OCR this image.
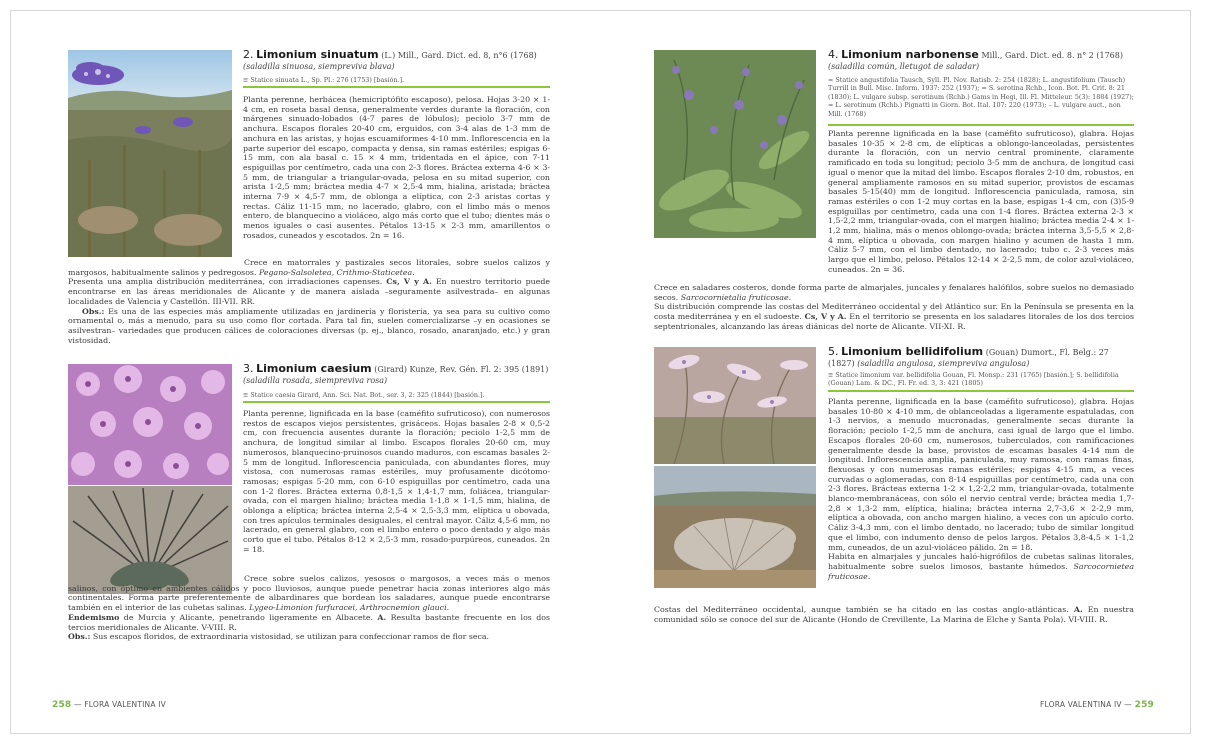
2. Limonium sinuatum (L.) Mill., Gard. Dict. ed. 8, n°6 (1768) (saladilla sinuosa, siempreviva blava)
≡ Statice sinuata L., Sp. Pl.: 276 (1753) [basión.].

Planta perenne, herbácea (hemicriptófito escaposo), pelosa. Hojas 3-20 × 1-4 cm, en roseta basal densa, generalmente verdes durante la floración, con márgenes sinuado-lobados (4-7 pares de lóbulos); peciolo 3-7 mm de anchura. Escapos florales 20-40 cm, erguidos, con 3-4 alas de 1-3 mm de anchura en las aristas, y hojas escuamiformes 4-10 mm. Inflorescencia en la parte superior del escapo, compacta y densa, sin ramas estériles; espigas 6-15 mm, con ala basal c. 15 × 4 mm, tridentada en el ápice, con 7-11 espiguillas por centímetro, cada una con 2-3 flores. Bráctea externa 4-6 × 3-5 mm, de triangular a triangular-ovada, pelosa en su mitad superior, con arista 1-2,5 mm; bráctea media 4-7 × 2,5-4 mm, hialina, aristada; bráctea interna 7-9 × 4,5-7 mm, de oblonga a elíptica, con 2-3 aristas cortas y rectas. Cáliz 11-15 mm, no lacerado, glabro, con el limbo más o menos entero, de blanquecino a violáceo, algo más corto que el tubo; dientes más o menos iguales o casi ausentes. Pétalos 13-15 × 2-3 mm, amarillentos o rosados, cuneados y escotados. 2n = 16.

Crece en matorrales y pastizales secos litorales, sobre suelos calizos y margosos, habitualmente salinos y pedregosos. Pegano-Salsoletea, Crithmo-Staticetea.

Presenta una amplia distribución mediterránea, con irradiaciones capenses. Cs, V y A. En nuestro territorio puede encontrarse en las áreas meridionales de Alicante y de manera aislada –seguramente asilvestrada– en algunas localidades de Valencia y Castellón. III-VII. RR.

Obs.: Es una de las especies más ampliamente utilizadas en jardinería y floristería, ya sea para su cultivo como ornamental o, más a menudo, para su uso como flor cortada. Para tal fin, suelen comercializarse –y en ocasiones se asilvestran– variedades que producen cálices de coloraciones diversas (p. ej., blanco, rosado, anaranjado, etc.) y gran vistosidad.

3. Limonium caesium (Girard) Kunze, Rev. Gén. Fl. 2: 395 (1891) (saladilla rosada, siempreviva rosa)
≡ Statice caesia Girard, Ann. Sci. Nat. Bot., ser. 3, 2: 325 (1844) [basión.].

Planta perenne, lignificada en la base (caméfito sufruticoso), con numerosos restos de escapos viejos persistentes, grisáceos. Hojas basales 2-8 × 0,5-2 cm, con frecuencia ausentes durante la floración; peciolo 1-2,5 mm de anchura, de longitud similar al limbo. Escapos florales 20-60 cm, muy numerosos, blanquecino-pruinosos cuando maduros, con escamas basales 2-5 mm de longitud. Inflorescencia paniculada, con abundantes flores, muy vistosa, con numerosas ramas estériles, muy profusamente dicótomo-ramosas; espigas 5-20 mm, con 6-10 espiguillas por centímetro, cada una con 1-2 flores. Bráctea externa 0,8-1,5 × 1,4-1,7 mm, foliácea, triangular-ovada, con el margen hialino; bráctea media 1-1,8 × 1-1,5 mm, hialina, de oblonga a elíptica; bráctea interna 2,5-4 × 2,5-3,3 mm, elíptica u obovada, con tres apículos terminales desiguales, el central mayor. Cáliz 4,5-6 mm, no lacerado, en general glabro, con el limbo entero o poco dentado y algo más corto que el tubo. Pétalos 8-12 × 2,5-3 mm, rosado-purpúreos, cuneados. 2n = 18.

Crece sobre suelos calizos, yesosos o margosos, a veces más o menos salinos, con óptimo en ambientes cálidos y poco lluviosos, aunque puede penetrar hacia zonas interiores algo más continentales. Forma parte preferentemente de albardinares que bordean los saladares, aunque puede encontrarse también en el interior de las cubetas salinas. Lygeo-Limonion furfuracei, Arthrocnemion glauci.

Endemismo de Murcia y Alicante, penetrando ligeramente en Albacete. A. Resulta bastante frecuente en los dos tercios meridionales de Alicante. V-VIII. R.

Obs.: Sus escapos floridos, de extraordinaria vistosidad, se utilizan para confeccionar ramos de flor seca.

258 — FLORA VALENTINA IV
4. Limonium narbonense Mill., Gard. Dict. ed. 8. n° 2 (1768) (saladilla común, lletugot de saladar)
= Statice angustifolia Tausch, Syll. Pl. Nov. Ratisb. 2: 254 (1828); L. angustifolium (Tausch) Turrill in Bull. Misc. Inform. 1937: 252 (1937); = S. serotina Rchb., Icon. Bot. Pl. Crit. 8: 21 (1830); L. vulgare subsp. serotinum (Rchb.) Gams in Hegi, Ill. Fl. Mitteleur. 5(3): 1884 (1927); = L. serotinum (Rchb.) Pignatti in Giorn. Bot. Ital. 107: 220 (1973); – L. vulgare auct., non Mill. (1768)

Planta perenne lignificada en la base (caméfito sufruticoso), glabra. Hojas basales 10-35 × 2-8 cm, de elípticas a oblongo-lanceoladas, persistentes durante la floración, con un nervio central prominente, claramente ramificado en toda su longitud; peciolo 3-5 mm de anchura, de longitud casi igual o menor que la mitad del limbo. Escapos florales 2-10 dm, robustos, en general ampliamente ramosos en su mitad superior, provistos de escamas basales 5-15(40) mm de longitud. Inflorescencia paniculada, ramosa, sin ramas estériles o con 1-2 muy cortas en la base, espigas 1-4 cm, con (3)5-9 espiguillas por centímetro, cada una con 1-4 flores. Bráctea externa 2-3 × 1,5-2,2 mm, triangular-ovada, con el margen hialino; bráctea media 2-4 × 1-1,2 mm, hialina, más o menos oblongo-ovada; bráctea interna 3,5-5,5 × 2,8-4 mm, elíptica u obovada, con margen hialino y acumen de hasta 1 mm. Cáliz 5-7 mm, con el limbo dentado, no lacerado; tubo c. 2-3 veces más largo que el limbo, peloso. Pétalos 12-14 × 2-2,5 mm, de color azul-violáceo, cuneados. 2n = 36.

Crece en saladares costeros, donde forma parte de almarjales, juncales y fenalares halófilos, sobre suelos no demasiado secos. Sarcocornietalia fruticosae.

Su distribución comprende las costas del Mediterráneo occidental y del Atlántico sur. En la Península se presenta en la costa mediterránea y en el sudoeste. Cs, V y A. En el territorio se presenta en los saladares litorales de los dos tercios septentrionales, alcanzando las áreas diánicas del norte de Alicante. VII-XI. R.

5. Limonium bellidifolium (Gouan) Dumort., Fl. Belg.: 27 (1827) (saladilla angulosa, siempreviva angulosa)
≡ Statice limonium var. bellidifolia Gouan, Fl. Monsp.: 231 (1765) [basión.]; S. bellidifolia (Gouan) Lam. & DC., Fl. Fr. ed. 3, 3: 421 (1805)

Planta perenne, lignificada en la base (caméfito sufruticoso), glabra. Hojas basales 10-80 × 4-10 mm, de oblanceoladas a ligeramente espatuladas, con 1-3 nervios, a menudo mucronadas, generalmente secas durante la floración; peciolo 1-2,5 mm de anchura, casi igual de largo que el limbo. Escapos florales 20-60 cm, numerosos, tuberculados, con ramificaciones generalmente desde la base, provistos de escamas basales 4-14 mm de longitud. Inflorescencia amplia, paniculada, muy ramosa, con ramas finas, flexuosas y con numerosas ramas estériles; espigas 4-15 mm, a veces curvadas o aglomeradas, con 8-14 espiguillas por centímetro, cada una con 2-3 flores. Brácteas externa 1-2 × 1,2-2,2 mm, triangular-ovada, totalmente blanco-membranáceas, con sólo el nervio central verde; bráctea media 1,7-2,8 × 1,3-2 mm, elíptica, hialina; bráctea interna 2,7-3,6 × 2-2,9 mm, elíptica a obovada, con ancho margen hialino, a veces con un apículo corto. Cáliz 3-4,3 mm, con el limbo dentado, no lacerado; tubo de similar longitud que el limbo, con indumento denso de pelos largos. Pétalos 3,8-4,5 × 1-1,2 mm, cuneados, de un azul-violáceo pálido. 2n = 18.

Habita en almarjales y juncales haló-higrófilos de cubetas salinas litorales, habitualmente sobre suelos limosos, bastante húmedos. Sarcocornietea fruticosae.

Costas del Mediterráneo occidental, aunque también se ha citado en las costas anglo-atlánticas. A. En nuestra comunidad sólo se conoce del sur de Alicante (Hondo de Crevillente, La Marina de Elche y Santa Pola). VI-VIII. R.

FLORA VALENTINA IV — 259
